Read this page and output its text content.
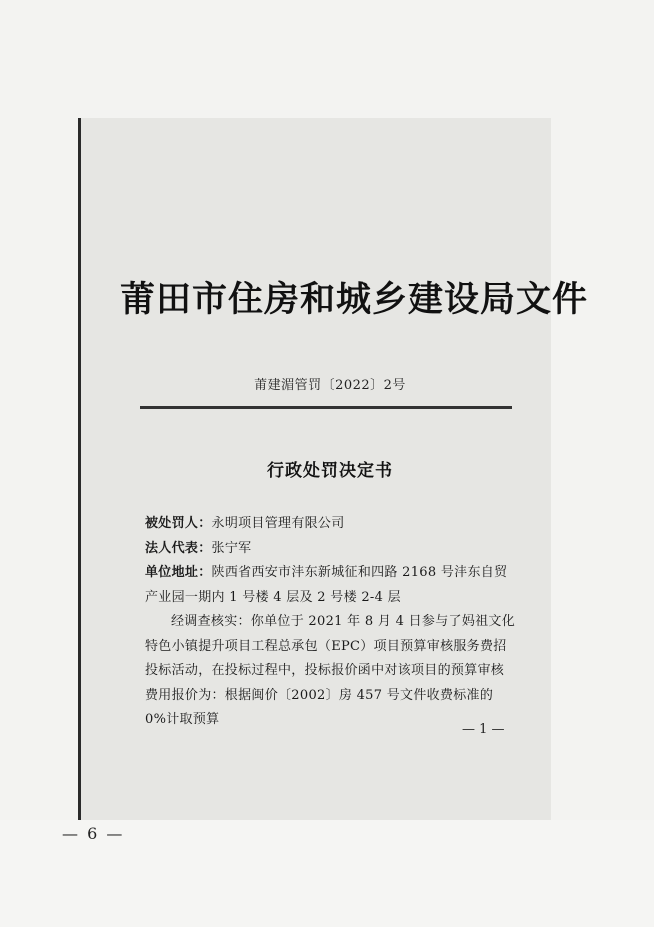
莆田市住房和城乡建设局文件
莆建湄管罚〔2022〕2号
行政处罚决定书

被处罚人：永明项目管理有限公司

法人代表：张宁军

单位地址：陕西省西安市沣东新城征和四路 2168 号沣东自贸产业园一期内 1 号楼 4 层及 2 号楼 2-4 层

经调查核实：你单位于 2021 年 8 月 4 日参与了妈祖文化特色小镇提升项目工程总承包（EPC）项目预算审核服务费招投标活动，在投标过程中，投标报价函中对该项目的预算审核费用报价为：根据闽价〔2002〕房 457 号文件收费标准的 0%计取预算

— 1 —
— 6 —
